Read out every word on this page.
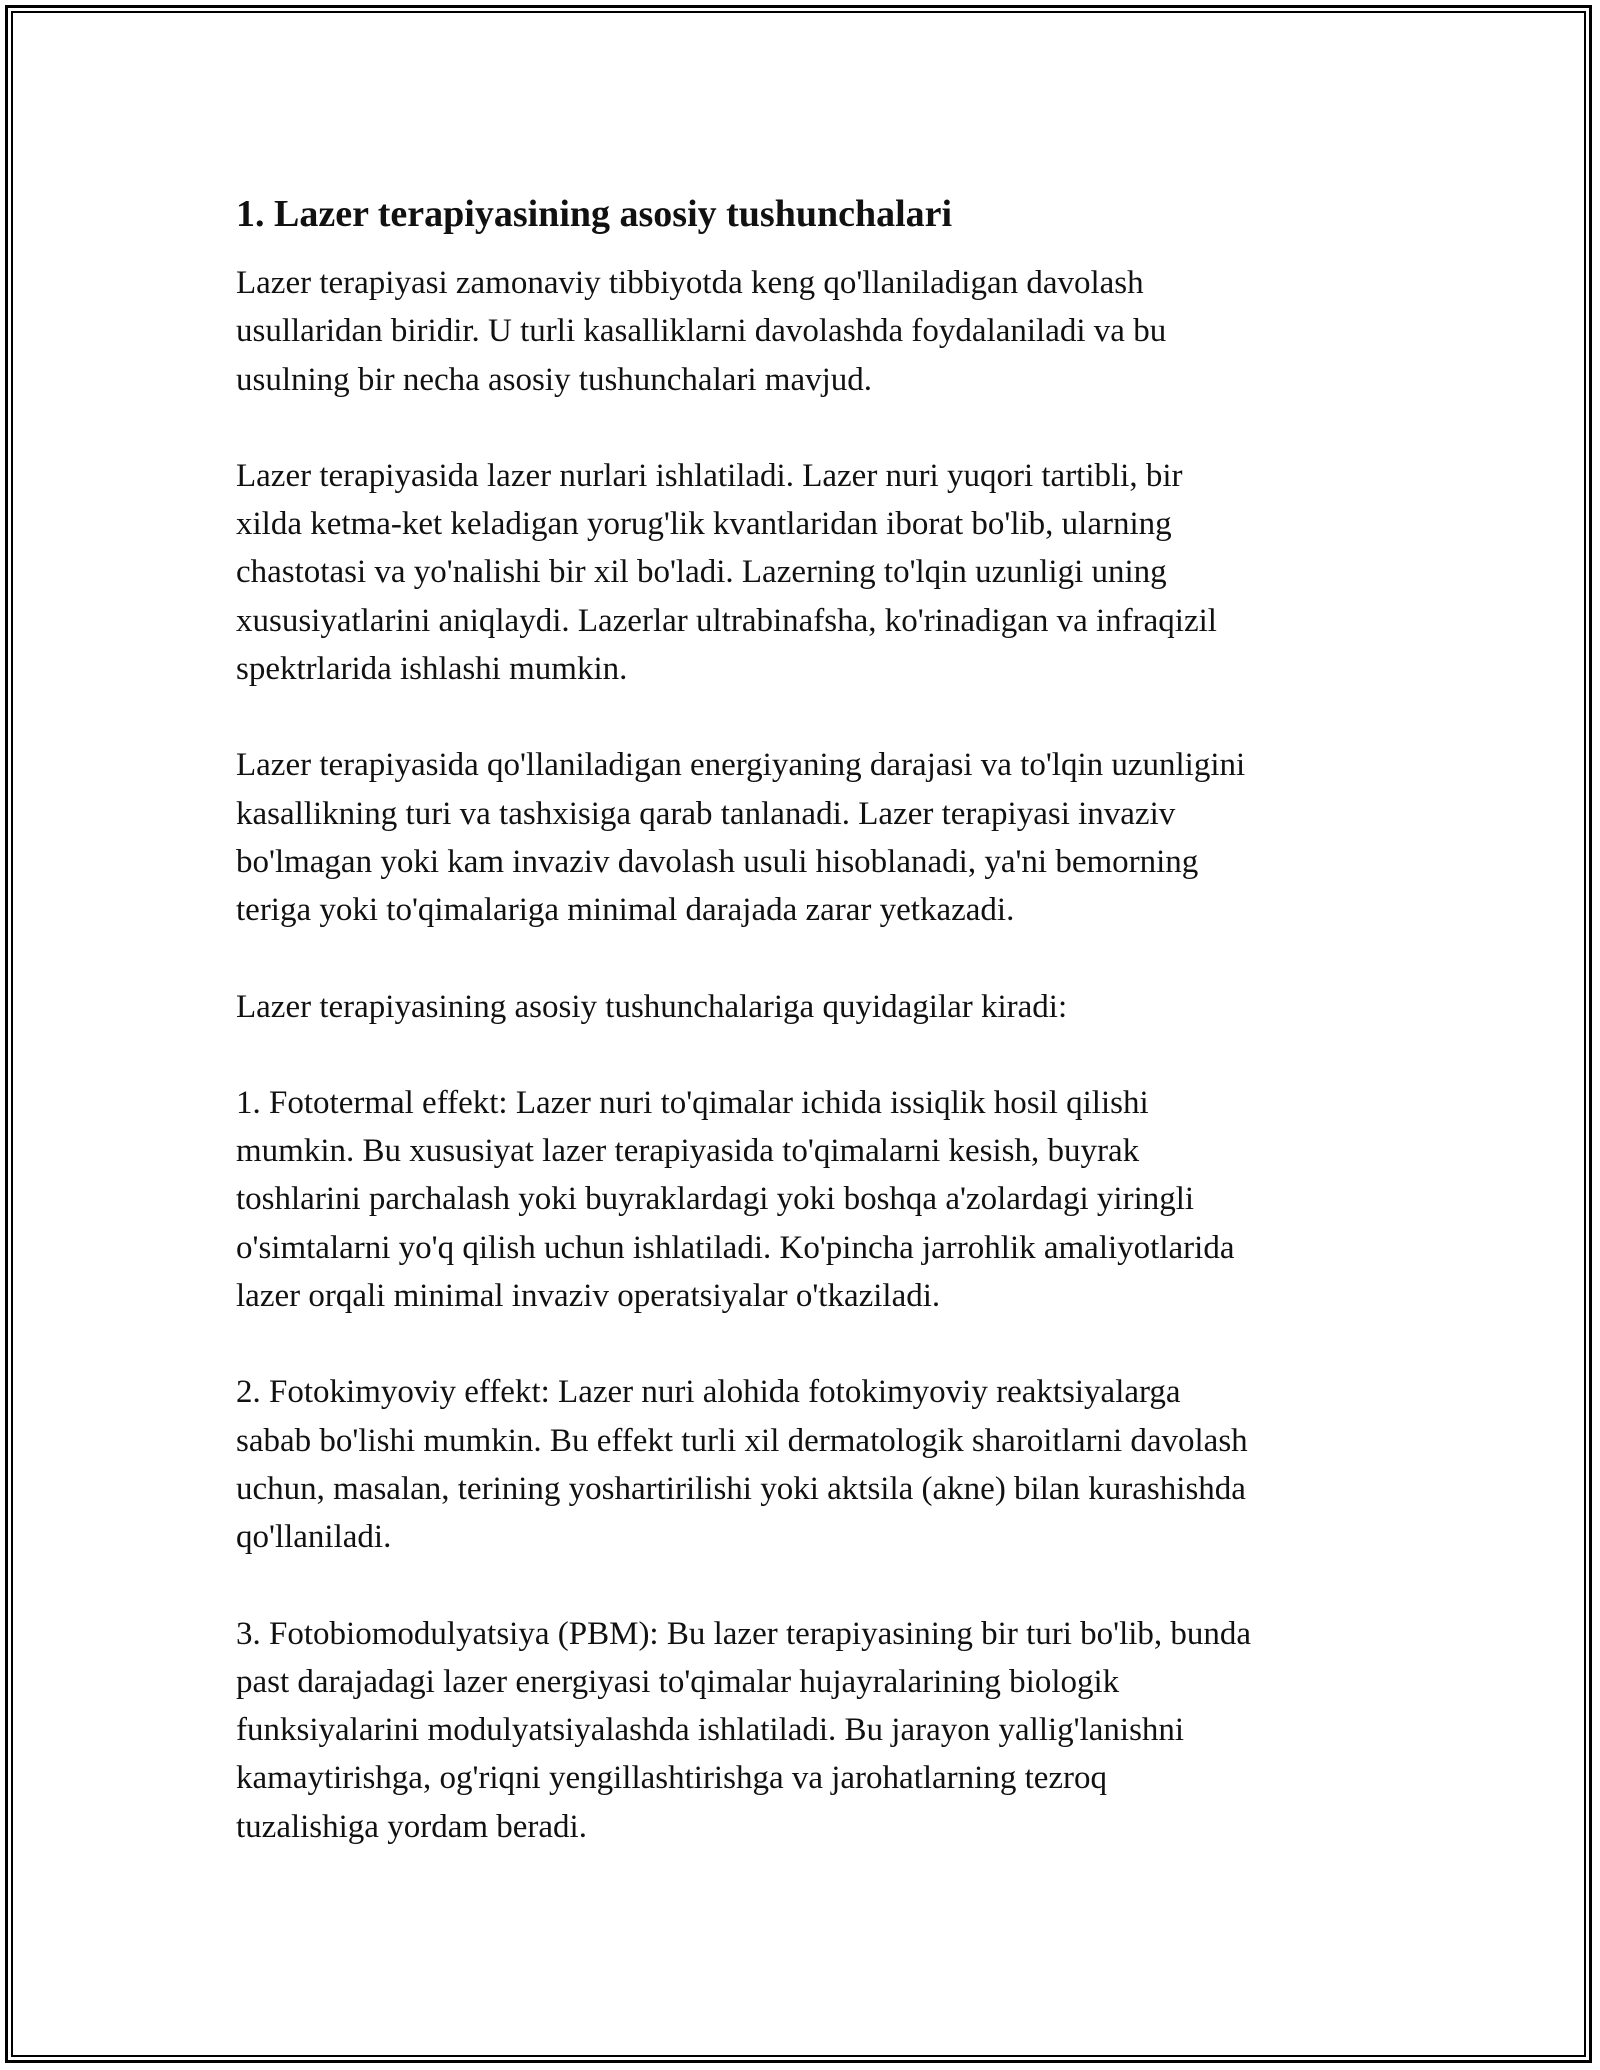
1. Lazer terapiyasining asosiy tushunchalari

Lazer terapiyasi zamonaviy tibbiyotda keng qo'llaniladigan davolash
usullaridan biridir. U turli kasalliklarni davolashda foydalaniladi va bu
usulning bir necha asosiy tushunchalari mavjud.

Lazer terapiyasida lazer nurlari ishlatiladi. Lazer nuri yuqori tartibli, bir
xilda ketma-ket keladigan yorug'lik kvantlaridan iborat bo'lib, ularning
chastotasi va yo'nalishi bir xil bo'ladi. Lazerning to'lqin uzunligi uning
xususiyatlarini aniqlaydi. Lazerlar ultrabinafsha, ko'rinadigan va infraqizil
spektrlarida ishlashi mumkin.

Lazer terapiyasida qo'llaniladigan energiyaning darajasi va to'lqin uzunligini
kasallikning turi va tashxisiga qarab tanlanadi. Lazer terapiyasi invaziv
bo'lmagan yoki kam invaziv davolash usuli hisoblanadi, ya'ni bemorning
teriga yoki to'qimalariga minimal darajada zarar yetkazadi.

Lazer terapiyasining asosiy tushunchalariga quyidagilar kiradi:

1. Fototermal effekt: Lazer nuri to'qimalar ichida issiqlik hosil qilishi
mumkin. Bu xususiyat lazer terapiyasida to'qimalarni kesish, buyrak
toshlarini parchalash yoki buyraklardagi yoki boshqa a'zolardagi yiringli
o'simtalarni yo'q qilish uchun ishlatiladi. Ko'pincha jarrohlik amaliyotlarida
lazer orqali minimal invaziv operatsiyalar o'tkaziladi.

2. Fotokimyoviy effekt: Lazer nuri alohida fotokimyoviy reaktsiyalarga
sabab bo'lishi mumkin. Bu effekt turli xil dermatologik sharoitlarni davolash
uchun, masalan, terining yoshartirilishi yoki aktsila (akne) bilan kurashishda
qo'llaniladi.

3. Fotobiomodulyatsiya (PBM): Bu lazer terapiyasining bir turi bo'lib, bunda
past darajadagi lazer energiyasi to'qimalar hujayralarining biologik
funksiyalarini modulyatsiyalashda ishlatiladi. Bu jarayon yallig'lanishni
kamaytirishga, og'riqni yengillashtirishga va jarohatlarning tezroq
tuzalishiga yordam beradi.
